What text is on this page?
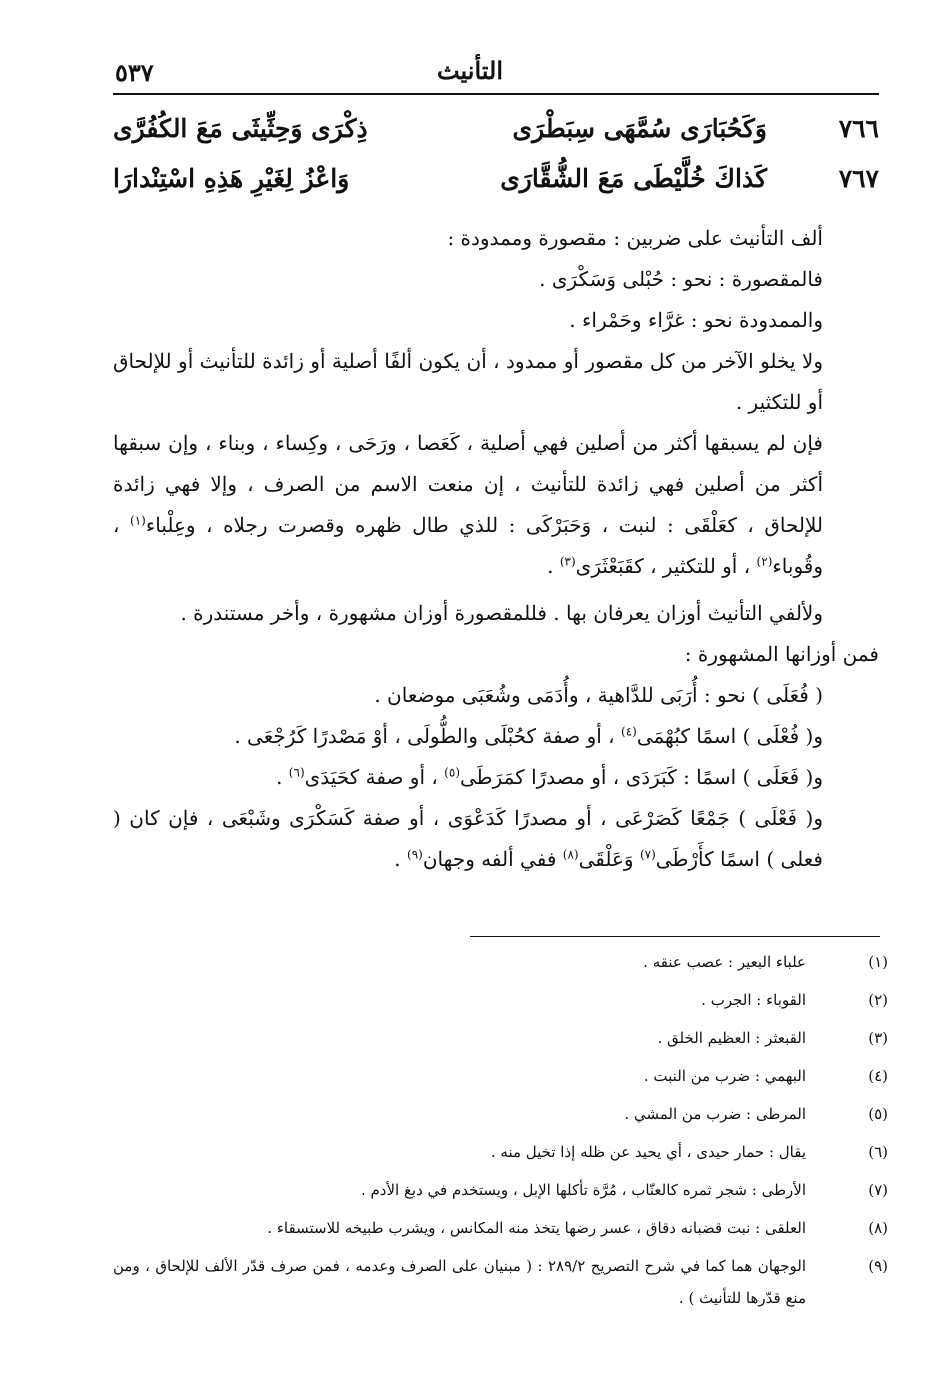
التأنيث
٥٣٧
٧٦٦
وَكَحُبَارَى سُمَّهَى سِبَطْرَى
ذِكْرَى وَحِثِّيثَى مَعَ الكُفُرَّى
٧٦٧
كَذاكَ خُلَّيْطَى مَعَ الشُّقَّارَى
وَاعْزُ لِغَيْرِ هَذِهِ اسْتِنْدارَا

ألف التأنيث على ضربين : مقصورة وممدودة :

فالمقصورة : نحو : حُبْلى وَسَكْرَى .

والممدودة نحو : غرَّاء وحَمْراء .

ولا يخلو الآخر من كل مقصور أو ممدود ، أن يكون ألفًا أصلية أو زائدة للتأنيث أو للإلحاق أو للتكثير .

فإن لم يسبقها أكثر من أصلين فهي أصلية ، كَعَصا ، ورَحَى ، وكِساء ، وبناء ، وإن سبقها أكثر من أصلين فهي زائدة للتأنيث ، إن منعت الاسم من الصرف ، وإلا فهي زائدة للإلحاق ، كعَلْقَى : لنبت ، وَحَبَرْكَى : للذي طال ظهره وقصرت رجلاه ، وعِلْباء$^{(١)}$ ، وقُوباء$^{(٢)}$ ، أو للتكثير ، كقَبَعْثَرَى$^{(٣)}$ .

ولألفي التأنيث أوزان يعرفان بها . فللمقصورة أوزان مشهورة ، وأخر مستندرة .

فمن أوزانها المشهورة :

( فُعَلَى ) نحو : أُرَبَى للدَّاهية ، وأُدَمَى وشُعَبَى موضعان .

و( فُعْلَى ) اسمًا كبُهْمَى$^{(٤)}$ ، أو صفة كحُبْلَى والطُّولَى ، أوْ مَصْدرًا كَرُجْعَى .

و( فَعَلَى ) اسمًا : كَبَرَدَى ، أو مصدرًا كمَرَطَى$^{(٥)}$ ، أو صفة كحَيَدَى$^{(٦)}$ .

و( فَعْلَى ) جَمْعًا كَصَرْعَى ، أو مصدرًا كَدَعْوَى ، أو صفة كَسَكْرَى وشَبْعَى ، فإن كان ( فعلى ) اسمًا كأَرْطَى$^{(٧)}$ وَعَلْقَى$^{(٨)}$ ففي ألفه وجهان$^{(٩)}$ .

(١)
علباء البعير : عصب عنقه .
(٢)
القوباء : الجرب .
(٣)
القبعثر : العظيم الخلق .
(٤)
البهمي : ضرب من النبت .
(٥)
المرطى : ضرب من المشي .
(٦)
يقال : حمار حيدى ، أي يحيد عن ظله إذا تخيل منه .
(٧)
الأرطى : شجر ثمره كالعنّاب ، مُرَّة تأكلها الإبل ، ويستخدم في دبغ الأدم .
(٨)
العلقى : نبت قضبانه دقاق ، عسر رضها يتخذ منه المكانس ، ويشرب طبيخه للاستسقاء .
(٩)
الوجهان هما كما في شرح التصريح ٢٨٩/٢ : ( مبنيان على الصرف وعدمه ، فمن صرف قدّر الألف للإلحاق ، ومن منع قدّرها للتأنيث ) .
